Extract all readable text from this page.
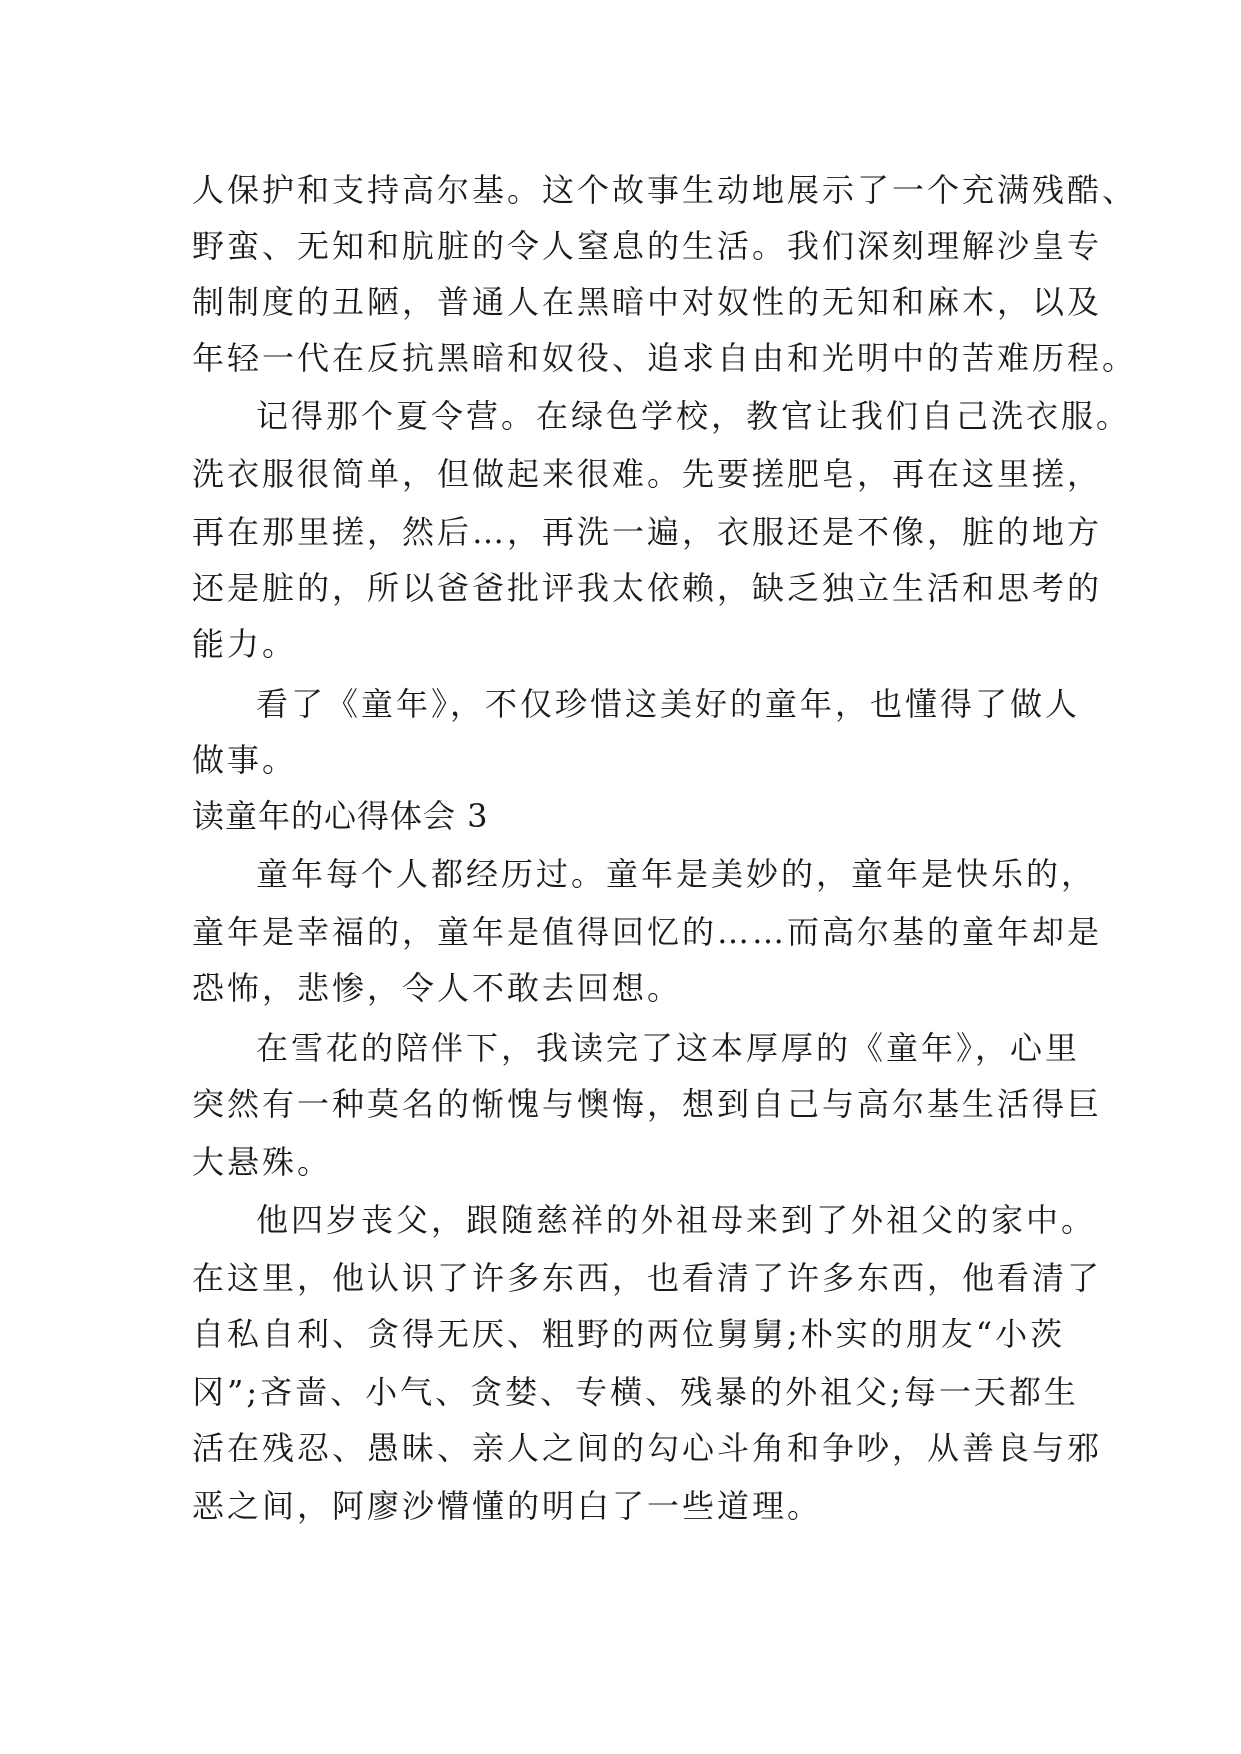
人保护和支持高尔基。这个故事生动地展示了一个充满残酷、
野蛮、无知和肮脏的令人窒息的生活。我们深刻理解沙皇专
制制度的丑陋，普通人在黑暗中对奴性的无知和麻木，以及
年轻一代在反抗黑暗和奴役、追求自由和光明中的苦难历程。
记得那个夏令营。在绿色学校，教官让我们自己洗衣服。
洗衣服很简单，但做起来很难。先要搓肥皂，再在这里搓，
再在那里搓，然后…，再洗一遍，衣服还是不像，脏的地方
还是脏的，所以爸爸批评我太依赖，缺乏独立生活和思考的
能力。
看了《童年》，不仅珍惜这美好的童年，也懂得了做人
做事。
读童年的心得体会 3
童年每个人都经历过。童年是美妙的，童年是快乐的，
童年是幸福的，童年是值得回忆的……而高尔基的童年却是
恐怖，悲惨，令人不敢去回想。
在雪花的陪伴下，我读完了这本厚厚的《童年》，心里
突然有一种莫名的惭愧与懊悔，想到自己与高尔基生活得巨
大悬殊。
他四岁丧父，跟随慈祥的外祖母来到了外祖父的家中。
在这里，他认识了许多东西，也看清了许多东西，他看清了
自私自利、贪得无厌、粗野的两位舅舅;朴实的朋友“小茨
冈”;吝啬、小气、贪婪、专横、残暴的外祖父;每一天都生
活在残忍、愚昧、亲人之间的勾心斗角和争吵，从善良与邪
恶之间，阿廖沙懵懂的明白了一些道理。
